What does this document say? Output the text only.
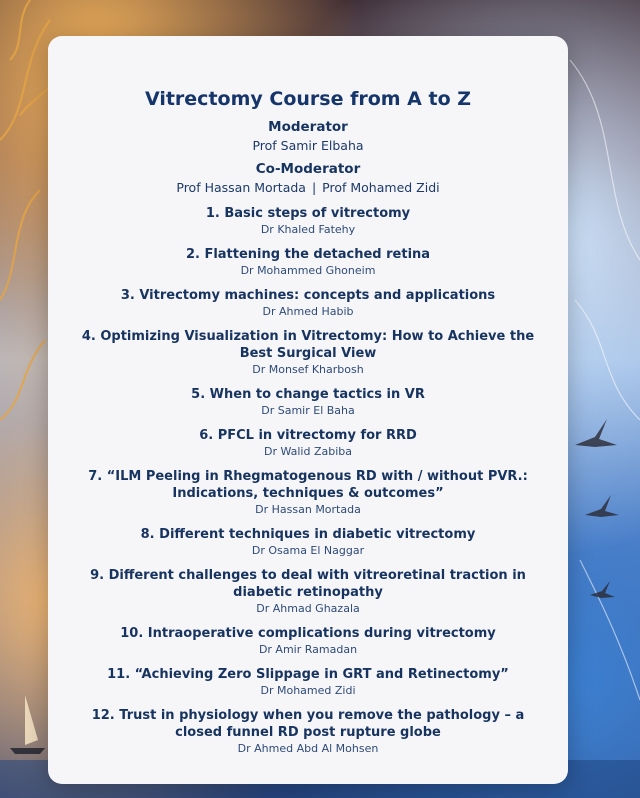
Vitrectomy Course from A to Z
Moderator
Prof Samir Elbaha
Co-Moderator
Prof Hassan Mortada | Prof Mohamed Zidi
1. Basic steps of vitrectomy
Dr Khaled Fatehy
2. Flattening the detached retina
Dr Mohammed Ghoneim
3. Vitrectomy machines: concepts and applications
Dr Ahmed Habib
4. Optimizing Visualization in Vitrectomy: How to Achieve the Best Surgical View
Dr Monsef Kharbosh
5. When to change tactics in VR
Dr Samir El Baha
6. PFCL in vitrectomy for RRD
Dr Walid Zabiba
7. “ILM Peeling in Rhegmatogenous RD with / without PVR.: Indications, techniques & outcomes”
Dr Hassan Mortada
8. Different techniques in diabetic vitrectomy
Dr Osama El Naggar
9. Different challenges to deal with vitreoretinal traction in diabetic retinopathy
Dr Ahmad Ghazala
10. Intraoperative complications during vitrectomy
Dr Amir Ramadan
11. “Achieving Zero Slippage in GRT and Retinectomy”
Dr Mohamed Zidi
12. Trust in physiology when you remove the pathology – a closed funnel RD post rupture globe
Dr Ahmed Abd Al Mohsen
